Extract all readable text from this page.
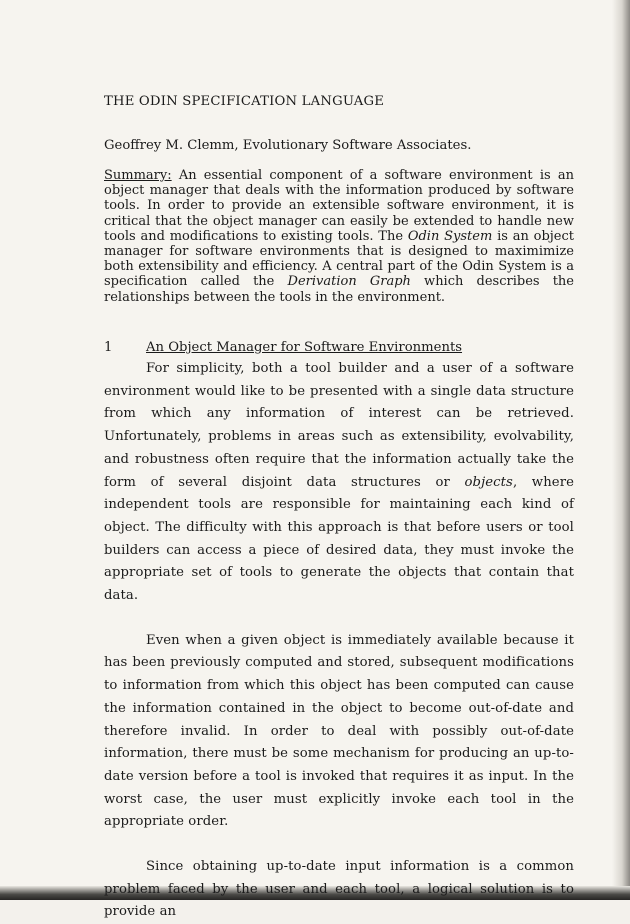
THE ODIN SPECIFICATION LANGUAGE

Geoffrey M. Clemm, Evolutionary Software Associates.

Summary: An essential component of a software environment is an object manager that deals with the information produced by software tools. In order to provide an extensible software environment, it is critical that the object manager can easily be extended to handle new tools and modifications to existing tools. The Odin System is an object manager for software environments that is designed to maximimize both extensibility and efficiency. A central part of the Odin System is a specification called the Derivation Graph which describes the relationships between the tools in the environment.

1	An Object Manager for Software Environments

For simplicity, both a tool builder and a user of a software environment would like to be presented with a single data structure from which any information of interest can be retrieved. Unfortunately, problems in areas such as extensibility, evolvability, and robustness often require that the information actually take the form of several disjoint data structures or objects, where independent tools are responsible for maintaining each kind of object. The difficulty with this approach is that before users or tool builders can access a piece of desired data, they must invoke the appropriate set of tools to generate the objects that contain that data.

Even when a given object is immediately available because it has been previously computed and stored, subsequent modifications to information from which this object has been computed can cause the information contained in the object to become out-of-date and therefore invalid. In order to deal with possibly out-of-date information, there must be some mechanism for producing an up-to-date version before a tool is invoked that requires it as input. In the worst case, the user must explicitly invoke each tool in the appropriate order.

Since obtaining up-to-date input information is a common problem faced by the user and each tool, a logical solution is to provide an
